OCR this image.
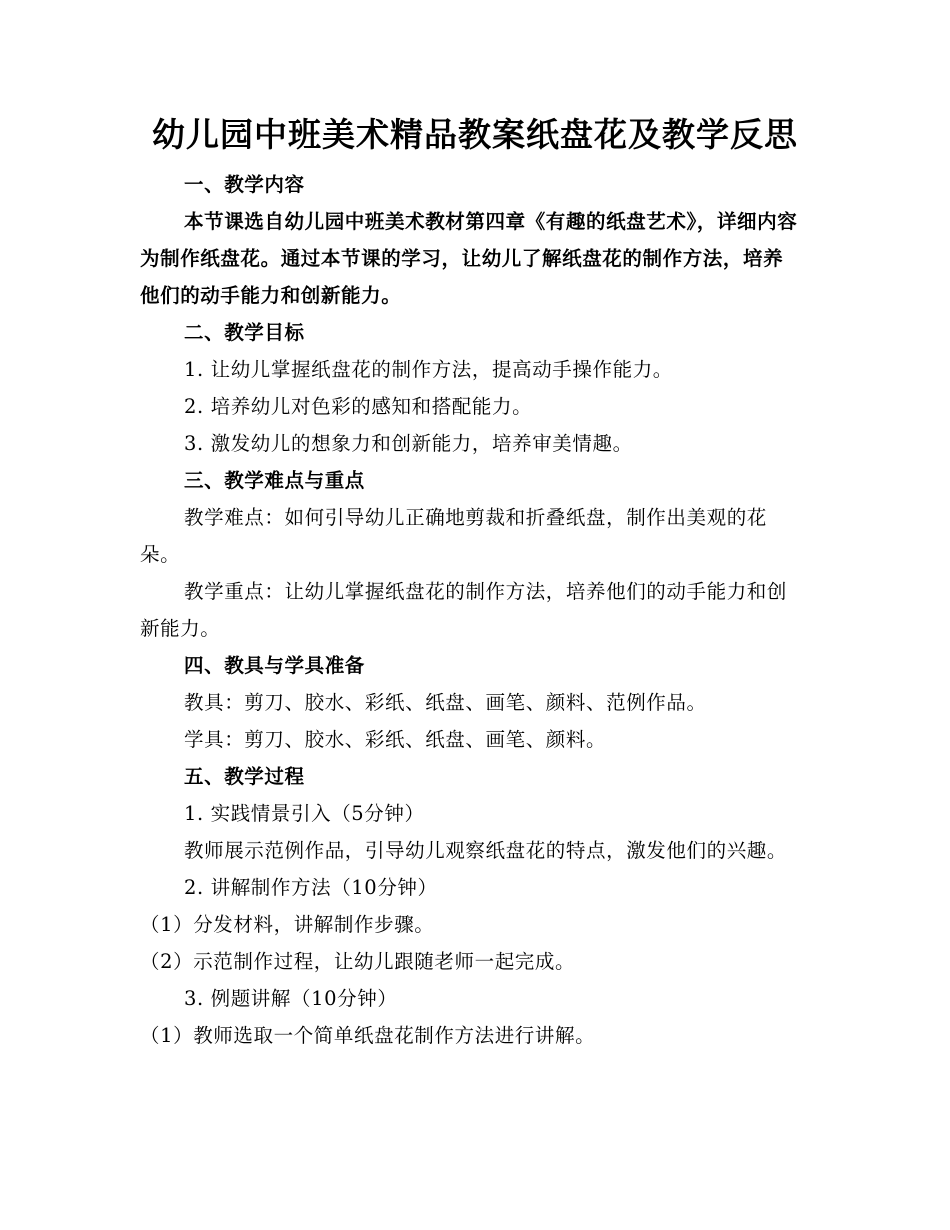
幼儿园中班美术精品教案纸盘花及教学反思

一、教学内容

本节课选自幼儿园中班美术教材第四章《有趣的纸盘艺术》，详细内容为制作纸盘花。通过本节课的学习，让幼儿了解纸盘花的制作方法，培养他们的动手能力和创新能力。

二、教学目标

1. 让幼儿掌握纸盘花的制作方法，提高动手操作能力。

2. 培养幼儿对色彩的感知和搭配能力。

3. 激发幼儿的想象力和创新能力，培养审美情趣。

三、教学难点与重点

教学难点：如何引导幼儿正确地剪裁和折叠纸盘，制作出美观的花朵。

教学重点：让幼儿掌握纸盘花的制作方法，培养他们的动手能力和创新能力。

四、教具与学具准备

教具：剪刀、胶水、彩纸、纸盘、画笔、颜料、范例作品。

学具：剪刀、胶水、彩纸、纸盘、画笔、颜料。

五、教学过程

1. 实践情景引入（5分钟）

教师展示范例作品，引导幼儿观察纸盘花的特点，激发他们的兴趣。

2. 讲解制作方法（10分钟）

（1）分发材料，讲解制作步骤。

（2）示范制作过程，让幼儿跟随老师一起完成。

3. 例题讲解（10分钟）

（1）教师选取一个简单纸盘花制作方法进行讲解。
